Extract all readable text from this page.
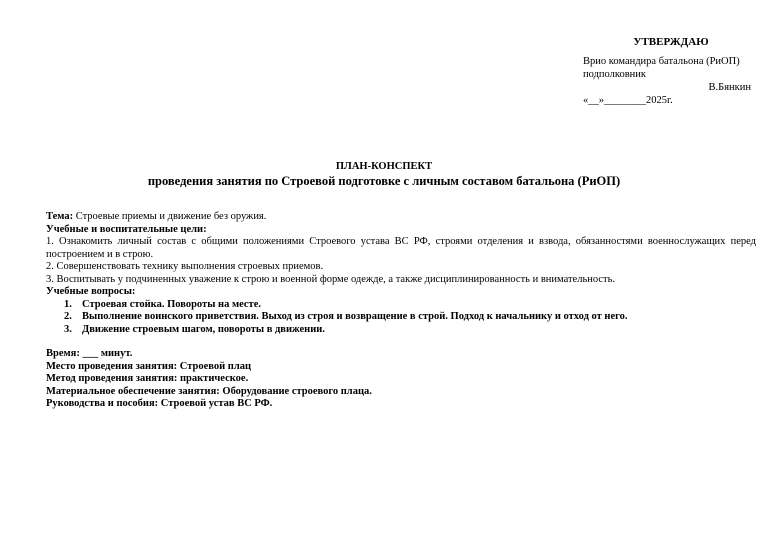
УТВЕРЖДАЮ
Врио командира батальона (РиОП)
подполковник
В.Бянкин
«__»________2025г.
ПЛАН-КОНСПЕКТ
проведения занятия по Строевой подготовке с личным составом батальона (РиОП)

Тема: Строевые приемы и движение без оружия.

Учебные и воспитательные цели:

1. Ознакомить личный состав с общими положениями Строевого устава ВС РФ, строями отделения и взвода, обязанностями военнослужащих перед построением и в строю.

2. Совершенствовать технику выполнения строевых приемов.

3. Воспитывать у подчиненных уважение к строю и военной форме одежде, а также дисциплинированность и внимательность.

Учебные вопросы:

1. Строевая стойка. Повороты на месте.
2. Выполнение воинского приветствия. Выход из строя и возвращение в строй. Подход к начальнику и отход от него.
3. Движение строевым шагом, повороты в движении.

Время: ___ минут.

Место проведения занятия: Строевой плац

Метод проведения занятия: практическое.

Материальное обеспечение занятия: Оборудование строевого плаца.

Руководства и пособия: Строевой устав ВС РФ.
